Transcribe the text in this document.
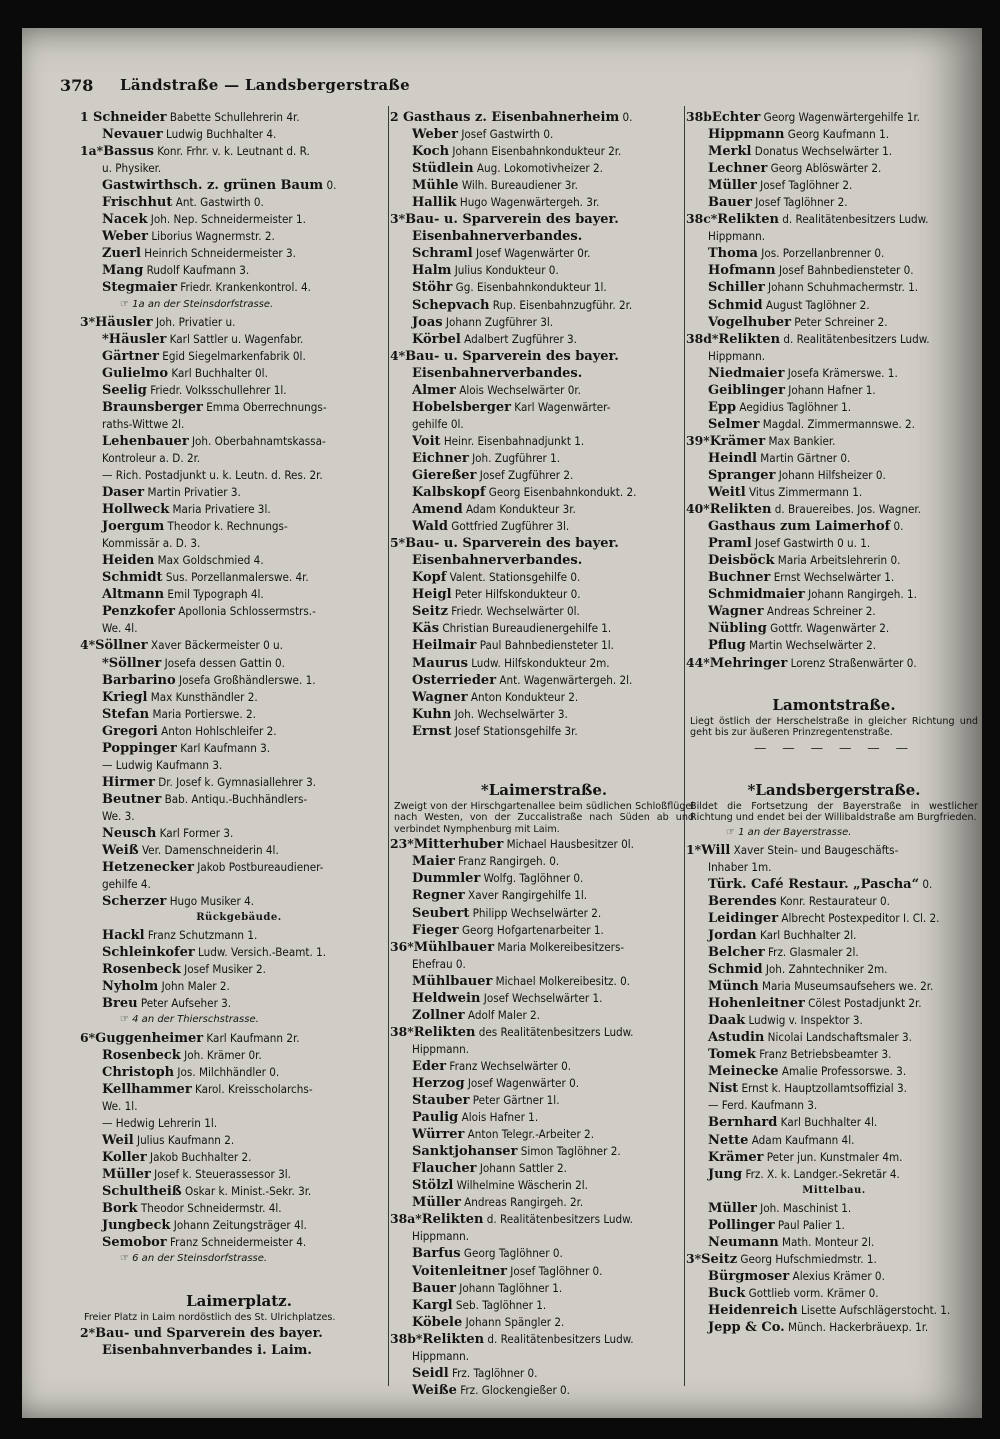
378 Ländstraße — Landsbergerstraße
1 Schneider Babette Schullehrerin 4r.
Nevauer Ludwig Buchhalter 4.
1a*Bassus Konr. Frhr. v. k. Leutnant d. R.
u. Physiker.
Gastwirthsch. z. grünen Baum 0.
Frischhut Ant. Gastwirth 0.
Nacek Joh. Nep. Schneidermeister 1.
Weber Liborius Wagnermstr. 2.
Zuerl Heinrich Schneidermeister 3.
Mang Rudolf Kaufmann 3.
Stegmaier Friedr. Krankenkontrol. 4.
☞ 1a an der Steinsdorfstrasse.
3*Häusler Joh. Privatier u.
*Häusler Karl Sattler u. Wagenfabr.
Gärtner Egid Siegelmarkenfabrik 0l.
Gulielmo Karl Buchhalter 0l.
Seelig Friedr. Volksschullehrer 1l.
Braunsberger Emma Oberrechnungs-
raths-Wittwe 2l.
Lehenbauer Joh. Oberbahnamtskassa-
Kontroleur a. D. 2r.
— Rich. Postadjunkt u. k. Leutn. d. Res. 2r.
Daser Martin Privatier 3.
Hollweck Maria Privatiere 3l.
Joergum Theodor k. Rechnungs-
Kommissär a. D. 3.
Heiden Max Goldschmied 4.
Schmidt Sus. Porzellanmalerswe. 4r.
Altmann Emil Typograph 4l.
Penzkofer Apollonia Schlossermstrs.-
We. 4l.
4*Söllner Xaver Bäckermeister 0 u.
*Söllner Josefa dessen Gattin 0.
Barbarino Josefa Großhändlerswe. 1.
Kriegl Max Kunsthändler 2.
Stefan Maria Portierswe. 2.
Gregori Anton Hohlschleifer 2.
Poppinger Karl Kaufmann 3.
— Ludwig Kaufmann 3.
Hirmer Dr. Josef k. Gymnasiallehrer 3.
Beutner Bab. Antiqu.-Buchhändlers-
We. 3.
Neusch Karl Former 3.
Weiß Ver. Damenschneiderin 4l.
Hetzenecker Jakob Postbureaudiener-
gehilfe 4.
Scherzer Hugo Musiker 4.
Rückgebäude.
Hackl Franz Schutzmann 1.
Schleinkofer Ludw. Versich.-Beamt. 1.
Rosenbeck Josef Musiker 2.
Nyholm John Maler 2.
Breu Peter Aufseher 3.
☞ 4 an der Thierschstrasse.
6*Guggenheimer Karl Kaufmann 2r.
Rosenbeck Joh. Krämer 0r.
Christoph Jos. Milchhändler 0.
Kellhammer Karol. Kreisscholarchs-
We. 1l.
— Hedwig Lehrerin 1l.
Weil Julius Kaufmann 2.
Koller Jakob Buchhalter 2.
Müller Josef k. Steuerassessor 3l.
Schultheiß Oskar k. Minist.-Sekr. 3r.
Bork Theodor Schneidermstr. 4l.
Jungbeck Johann Zeitungsträger 4l.
Semobor Franz Schneidermeister 4.
☞ 6 an der Steinsdorfstrasse.
Laimerplatz.
Freier Platz in Laim nordöstlich des St. Ulrichplatzes.
2*Bau- und Sparverein des bayer.
Eisenbahnverbandes i. Laim.
2 Gasthaus z. Eisenbahnerheim 0.
Weber Josef Gastwirth 0.
Koch Johann Eisenbahnkondukteur 2r.
Stüdlein Aug. Lokomotivheizer 2.
Mühle Wilh. Bureaudiener 3r.
Hallik Hugo Wagenwärtergeh. 3r.
3*Bau- u. Sparverein des bayer.
Eisenbahnerverbandes.
Schraml Josef Wagenwärter 0r.
Halm Julius Kondukteur 0.
Stöhr Gg. Eisenbahnkondukteur 1l.
Schepvach Rup. Eisenbahnzugführ. 2r.
Joas Johann Zugführer 3l.
Körbel Adalbert Zugführer 3.
4*Bau- u. Sparverein des bayer.
Eisenbahnerverbandes.
Almer Alois Wechselwärter 0r.
Hobelsberger Karl Wagenwärter-
gehilfe 0l.
Voit Heinr. Eisenbahnadjunkt 1.
Eichner Joh. Zugführer 1.
Giereßer Josef Zugführer 2.
Kalbskopf Georg Eisenbahnkondukt. 2.
Amend Adam Kondukteur 3r.
Wald Gottfried Zugführer 3l.
5*Bau- u. Sparverein des bayer.
Eisenbahnerverbandes.
Kopf Valent. Stationsgehilfe 0.
Heigl Peter Hilfskondukteur 0.
Seitz Friedr. Wechselwärter 0l.
Käs Christian Bureaudienergehilfe 1.
Heilmair Paul Bahnbediensteter 1l.
Maurus Ludw. Hilfskondukteur 2m.
Osterrieder Ant. Wagenwärtergeh. 2l.
Wagner Anton Kondukteur 2.
Kuhn Joh. Wechselwärter 3.
Ernst Josef Stationsgehilfe 3r.
*Laimerstraße.
Zweigt von der Hirschgartenallee beim südlichen Schloßflügel nach Westen, von der Zuccalistraße nach Süden ab und verbindet Nymphenburg mit Laim.
23*Mitterhuber Michael Hausbesitzer 0l.
Maier Franz Rangirgeh. 0.
Dummler Wolfg. Taglöhner 0.
Regner Xaver Rangirgehilfe 1l.
Seubert Philipp Wechselwärter 2.
Fieger Georg Hofgartenarbeiter 1.
36*Mühlbauer Maria Molkereibesitzers-
Ehefrau 0.
Mühlbauer Michael Molkereibesitz. 0.
Heldwein Josef Wechselwärter 1.
Zollner Adolf Maler 2.
38*Relikten des Realitätenbesitzers Ludw.
Hippmann.
Eder Franz Wechselwärter 0.
Herzog Josef Wagenwärter 0.
Stauber Peter Gärtner 1l.
Paulig Alois Hafner 1.
Würrer Anton Telegr.-Arbeiter 2.
Sanktjohanser Simon Taglöhner 2.
Flaucher Johann Sattler 2.
Stölzl Wilhelmine Wäscherin 2l.
Müller Andreas Rangirgeh. 2r.
38a*Relikten d. Realitätenbesitzers Ludw.
Hippmann.
Barfus Georg Taglöhner 0.
Voitenleitner Josef Taglöhner 0.
Bauer Johann Taglöhner 1.
Kargl Seb. Taglöhner 1.
Köbele Johann Spängler 2.
38b*Relikten d. Realitätenbesitzers Ludw.
Hippmann.
Seidl Frz. Taglöhner 0.
Weiße Frz. Glockengießer 0.
38bEchter Georg Wagenwärtergehilfe 1r.
Hippmann Georg Kaufmann 1.
Merkl Donatus Wechselwärter 1.
Lechner Georg Ablöswärter 2.
Müller Josef Taglöhner 2.
Bauer Josef Taglöhner 2.
38c*Relikten d. Realitätenbesitzers Ludw.
Hippmann.
Thoma Jos. Porzellanbrenner 0.
Hofmann Josef Bahnbediensteter 0.
Schiller Johann Schuhmachermstr. 1.
Schmid August Taglöhner 2.
Vogelhuber Peter Schreiner 2.
38d*Relikten d. Realitätenbesitzers Ludw.
Hippmann.
Niedmaier Josefa Krämerswe. 1.
Geiblinger Johann Hafner 1.
Epp Aegidius Taglöhner 1.
Selmer Magdal. Zimmermannswe. 2.
39*Krämer Max Bankier.
Heindl Martin Gärtner 0.
Spranger Johann Hilfsheizer 0.
Weitl Vitus Zimmermann 1.
40*Relikten d. Brauereibes. Jos. Wagner.
Gasthaus zum Laimerhof 0.
Praml Josef Gastwirth 0 u. 1.
Deisböck Maria Arbeitslehrerin 0.
Buchner Ernst Wechselwärter 1.
Schmidmaier Johann Rangirgeh. 1.
Wagner Andreas Schreiner 2.
Nübling Gottfr. Wagenwärter 2.
Pflug Martin Wechselwärter 2.
44*Mehringer Lorenz Straßenwärter 0.
Lamontstraße.
Liegt östlich der Herschelstraße in gleicher Richtung und geht bis zur äußeren Prinzregentenstraße.
— — — — — —
*Landsbergerstraße.
Bildet die Fortsetzung der Bayerstraße in westlicher Richtung und endet bei der Willibaldstraße am Burgfrieden.
☞ 1 an der Bayerstrasse.
1*Will Xaver Stein- und Baugeschäfts-
Inhaber 1m.
Türk. Café Restaur. „Pascha“ 0.
Berendes Konr. Restaurateur 0.
Leidinger Albrecht Postexpeditor I. Cl. 2.
Jordan Karl Buchhalter 2l.
Belcher Frz. Glasmaler 2l.
Schmid Joh. Zahntechniker 2m.
Münch Maria Museumsaufsehers we. 2r.
Hohenleitner Cölest Postadjunkt 2r.
Daak Ludwig v. Inspektor 3.
Astudin Nicolai Landschaftsmaler 3.
Tomek Franz Betriebsbeamter 3.
Meinecke Amalie Professorswe. 3.
Nist Ernst k. Hauptzollamtsoffizial 3.
— Ferd. Kaufmann 3.
Bernhard Karl Buchhalter 4l.
Nette Adam Kaufmann 4l.
Krämer Peter jun. Kunstmaler 4m.
Jung Frz. X. k. Landger.-Sekretär 4.
Mittelbau.
Müller Joh. Maschinist 1.
Pollinger Paul Palier 1.
Neumann Math. Monteur 2l.
3*Seitz Georg Hufschmiedmstr. 1.
Bürgmoser Alexius Krämer 0.
Buck Gottlieb vorm. Krämer 0.
Heidenreich Lisette Aufschlägerstocht. 1.
Jepp & Co. Münch. Hackerbräuexp. 1r.
